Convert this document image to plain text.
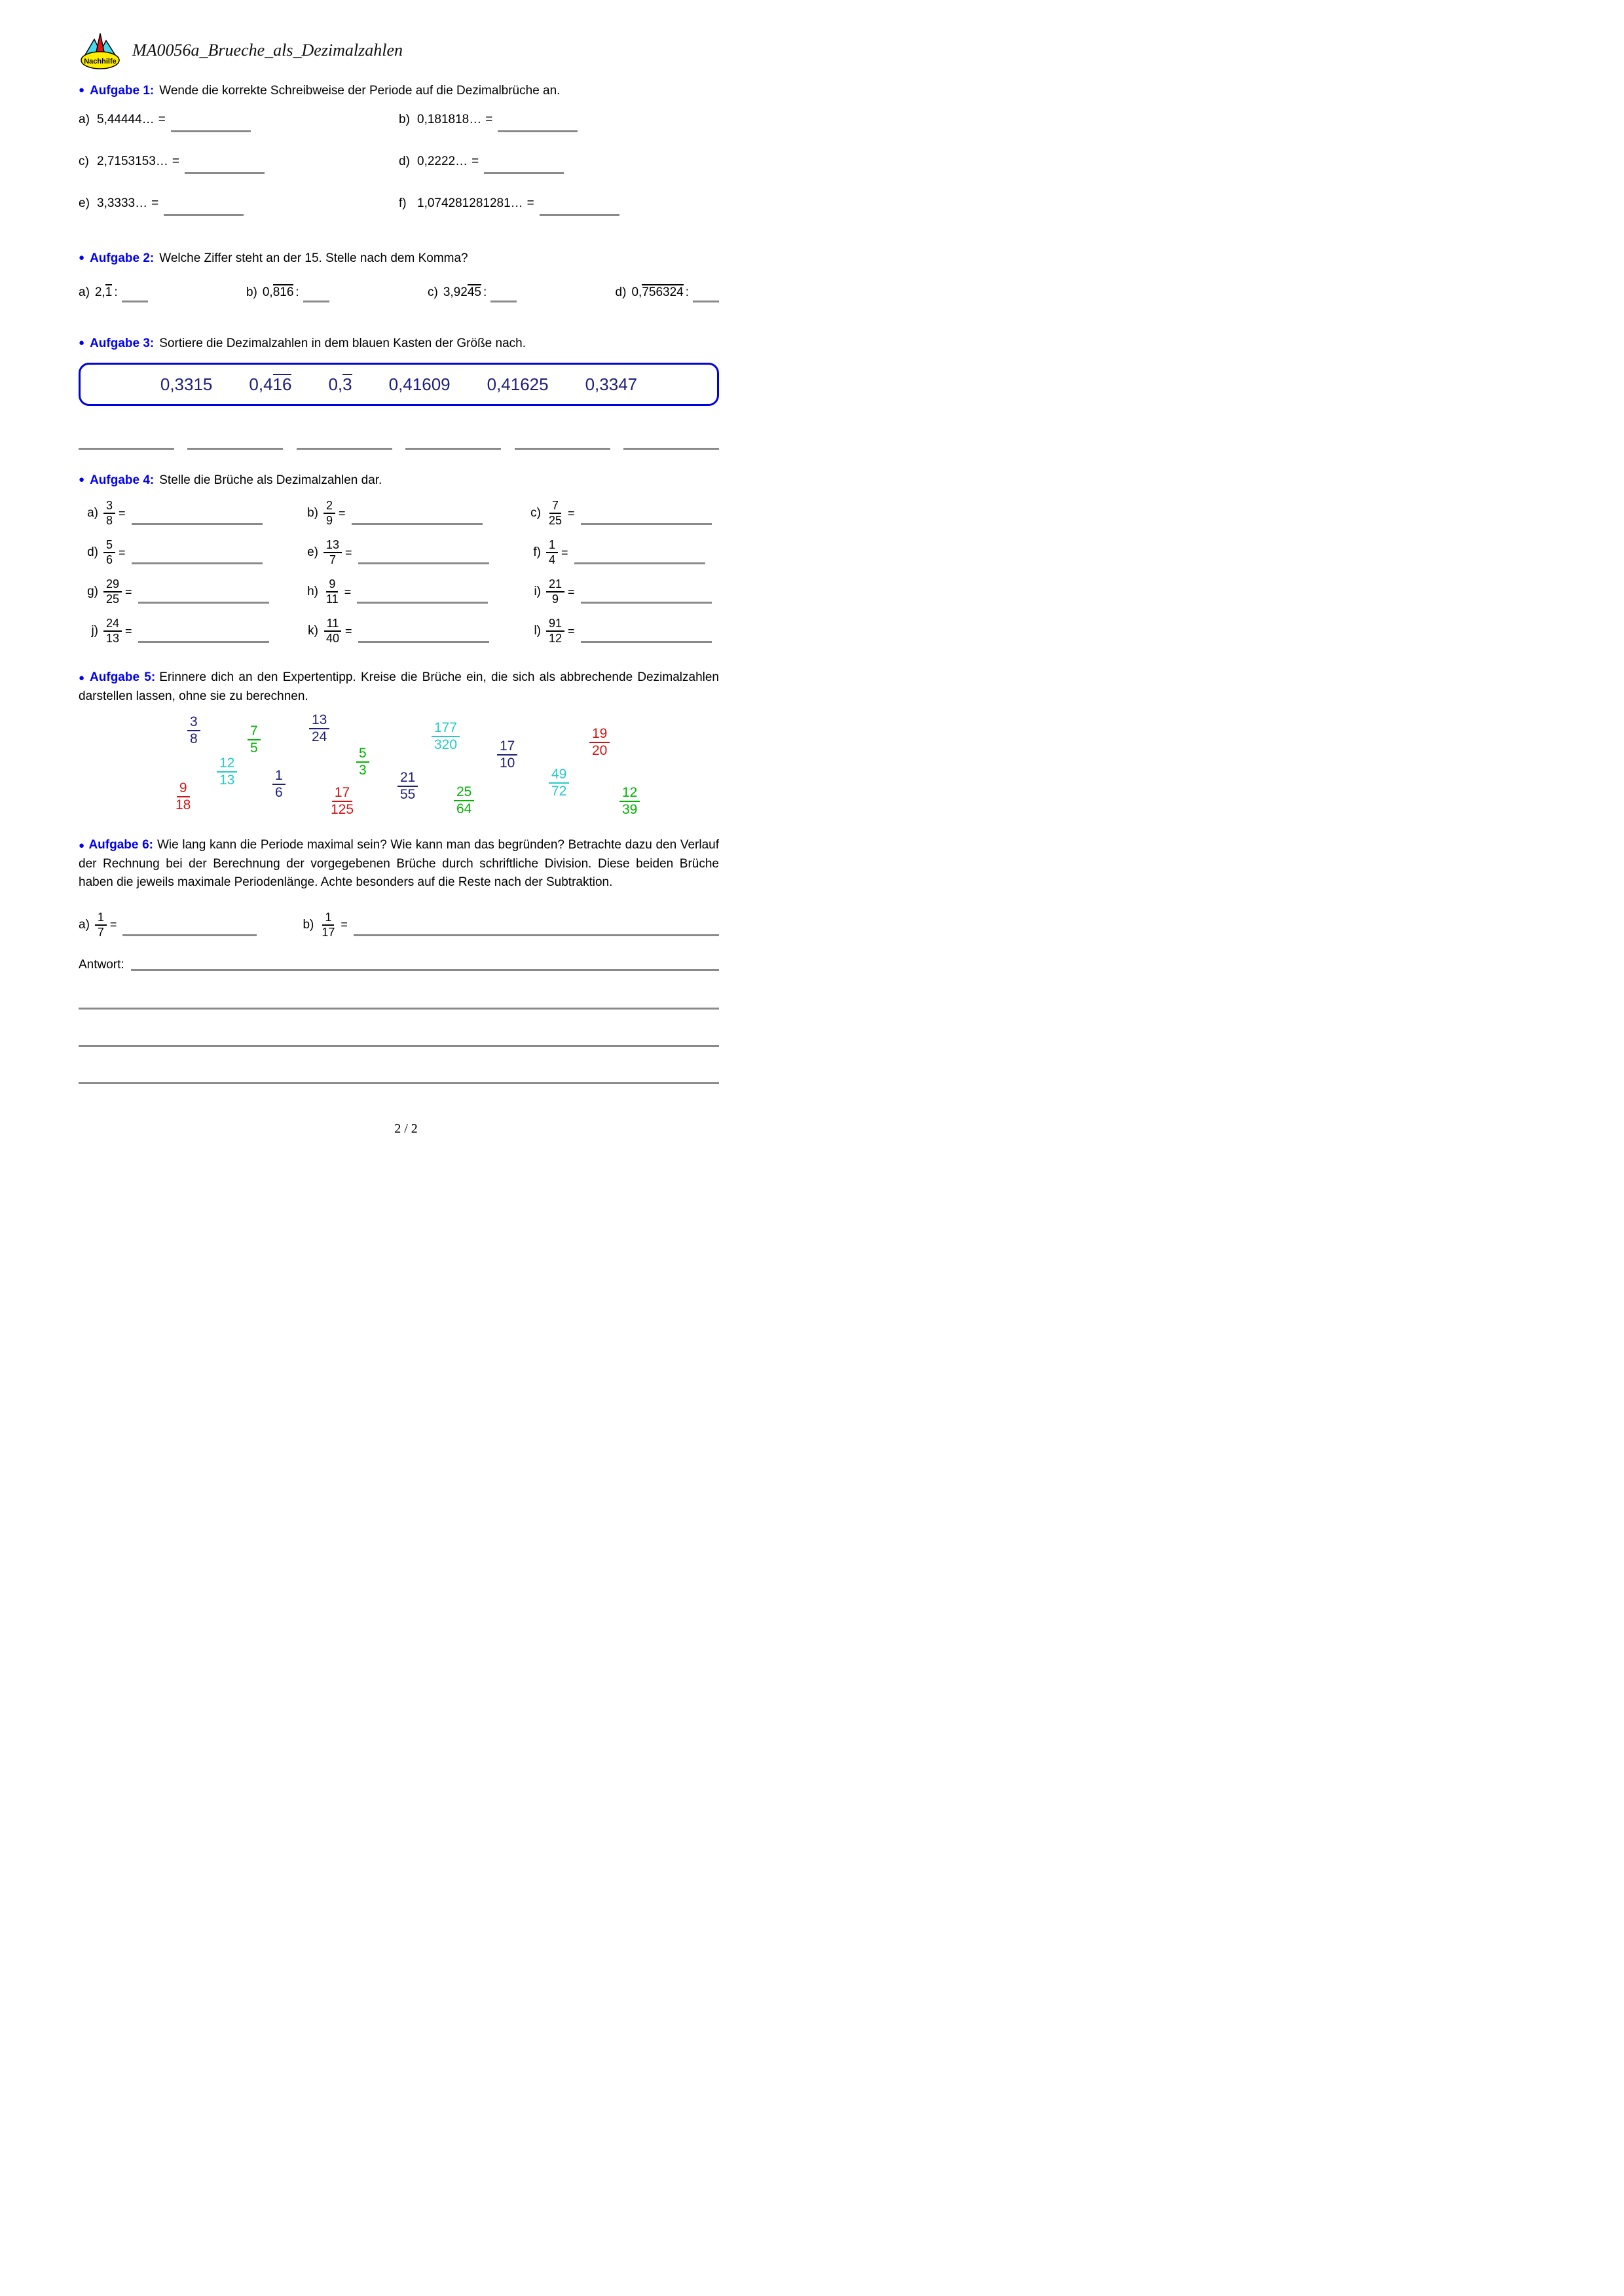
Nachhilfe
MA0056a_Brueche_als_Dezimalzahlen
● Aufgabe 1: Wende die korrekte Schreibweise der Periode auf die Dezimalbrüche an.
a) 5,44444… =	b) 0,181818… =
c) 2,7153153… =	d) 0,2222… =
e) 3,3333… =	f) 1,074281281281… =
● Aufgabe 2: Welche Ziffer steht an der 15. Stelle nach dem Komma?
a) 2, 1 :	b) 0, 816 :	c) 3,92 45 :	d) 0, 756324 :
● Aufgabe 3: Sortiere die Dezimalzahlen in dem blauen Kasten der Größe nach.
0,3315 0,416 0,3 0,41609 0,41625 0,3347
● Aufgabe 4: Stelle die Brüche als Dezimalzahlen dar.
$a) \frac{3}{8}$ =	$b) \frac{2}{9}$ =	$c) \frac{7}{25}$ =
$d) \frac{5}{6}$ =	$e) \frac{13}{7}$ =	$f) \frac{1}{4}$ =
$g) \frac{29}{25}$ =	$h) \frac{9}{11}$ =	$i) \frac{21}{9}$ =
$j) \frac{24}{13}$ =	$k) \frac{11}{40}$ =	$l) \frac{91}{12}$ =

● Aufgabe 5: Erinnere dich an den Expertentipp. Kreise die Brüche ein, die sich als abbrechende Dezimalzahlen darstellen lassen, ohne sie zu berechnen.

$\frac{3}{8}$	$\frac{7}{5}$	$\frac{13}{24}$	$\frac{177}{320}$
$\frac{17}{10}$	$\frac{19}{20}$
$\frac{12}{13}$	$\frac{5}{3}$
$\frac{1}{6}$	$\frac{21}{55}$	$\frac{49}{72}$
$\frac{9}{18}$	$\frac{17}{125}$	$\frac{25}{64}$	$\frac{12}{39}$

● Aufgabe 6: Wie lang kann die Periode maximal sein? Wie kann man das begründen? Betrachte dazu den Verlauf der Rechnung bei der Berechnung der vorgegebenen Brüche durch schriftliche Division. Diese beiden Brüche haben die jeweils maximale Periodenlänge. Achte besonders auf die Reste nach der Subtraktion.

$a) \frac{1}{7}$ =	$b) \frac{1}{17}$ =
Antwort:
2 / 2
